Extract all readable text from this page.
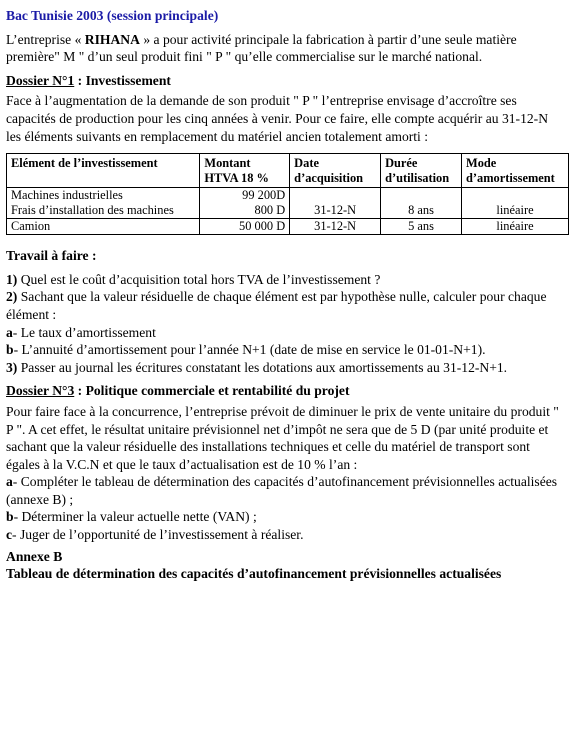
Bac Tunisie 2003 (session principale)

L’entreprise « RIHANA » a pour activité principale la fabrication à partir d’une seule matière première" M " d’un seul produit fini " P " qu’elle commercialise sur le marché national.

Dossier N°1 : Investissement

Face à l’augmentation de la demande de son produit " P " l’entreprise envisage d’accroître ses capacités de production pour les cinq années à venir. Pour ce faire, elle compte acquérir au 31-12-N les éléments suivants en remplacement du matériel ancien totalement amorti :

Elément de l’investissement	Montant HTVA 18 %	Date d’acquisition	Durée d’utilisation	Mode d’amortissement
Machines industrielles	99 200D			
Frais d’installation des machines	800 D	31-12-N	8 ans	linéaire
Camion	50 000 D	31-12-N	5 ans	linéaire
Travail à faire :

1) Quel est le coût d’acquisition total hors TVA de l’investissement ?

2) Sachant que la valeur résiduelle de chaque élément est par hypothèse nulle, calculer pour chaque élément :

a- Le taux d’amortissement

b- L’annuité d’amortissement pour l’année N+1 (date de mise en service le 01-01-N+1).

3) Passer au journal les écritures constatant les dotations aux amortissements au 31-12-N+1.

Dossier N°3 : Politique commerciale et rentabilité du projet

Pour faire face à la concurrence, l’entreprise prévoit de diminuer le prix de vente unitaire du produit " P ". A cet effet, le résultat unitaire prévisionnel net d’impôt ne sera que de 5 D (par unité produite et sachant que la valeur résiduelle des installations techniques et celle du matériel de transport sont égales à la V.C.N et que le taux d’actualisation est de 10 % l’an :

a- Compléter le tableau de détermination des capacités d’autofinancement prévisionnelles actualisées (annexe B) ;

b- Déterminer la valeur actuelle nette (VAN) ;

c- Juger de l’opportunité de l’investissement à réaliser.

Annexe B
Tableau de détermination des capacités d’autofinancement prévisionnelles actualisées
